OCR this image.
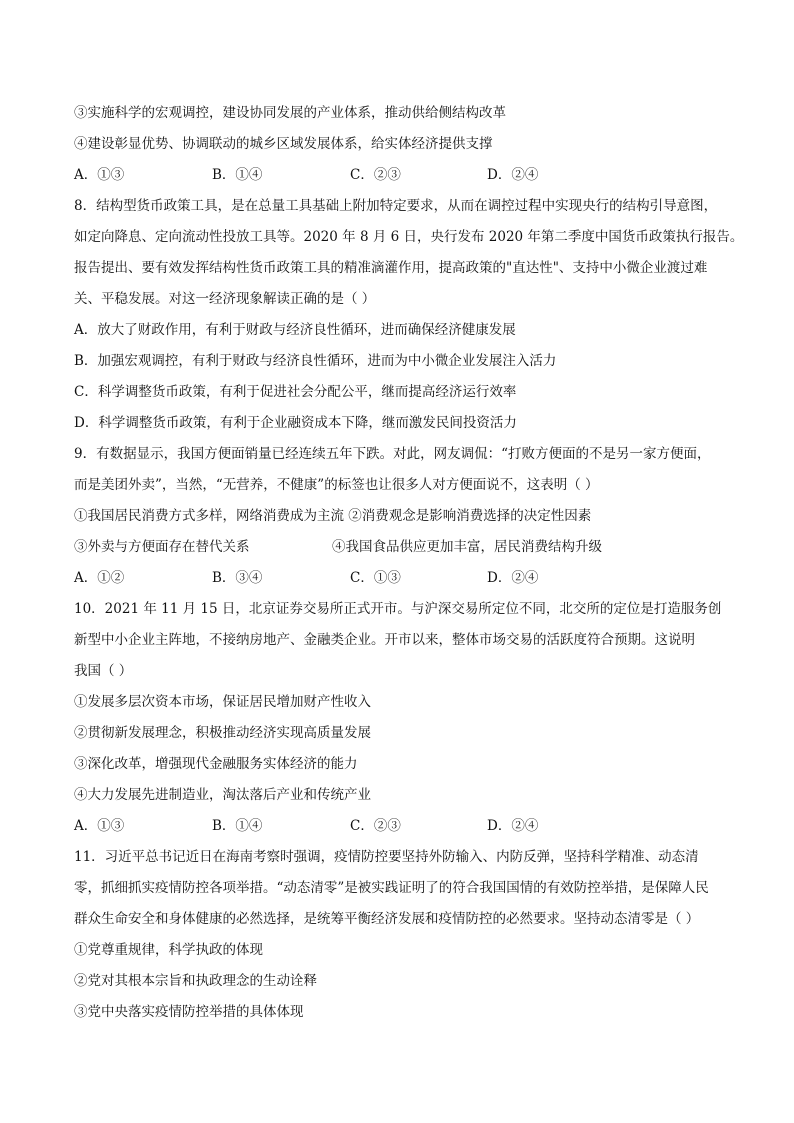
③实施科学的宏观调控，建设协同发展的产业体系，推动供给侧结构改革
④建设彰显优势、协调联动的城乡区域发展体系，给实体经济提供支撑
A．①③	B．①④	C．②③	D．②④
8．结构型货币政策工具，是在总量工具基础上附加特定要求，从而在调控过程中实现央行的结构引导意图，
如定向降息、定向流动性投放工具等。2020 年 8 月 6 日，央行发布 2020 年第二季度中国货币政策执行报告。
报告提出、要有效发挥结构性货币政策工具的精准滴灌作用，提高政策的"直达性"、支持中小微企业渡过难
关、平稳发展。对这一经济现象解读正确的是（ ）
A．放大了财政作用，有利于财政与经济良性循环，进而确保经济健康发展
B．加强宏观调控，有利于财政与经济良性循环，进而为中小微企业发展注入活力
C．科学调整货币政策，有利于促进社会分配公平，继而提高经济运行效率
D．科学调整货币政策，有利于企业融资成本下降，继而激发民间投资活力
9．有数据显示，我国方便面销量已经连续五年下跌。对此，网友调侃：“打败方便面的不是另一家方便面，
而是美团外卖”，当然，“无营养，不健康”的标签也让很多人对方便面说不，这表明（ ）
①我国居民消费方式多样，网络消费成为主流 ②消费观念是影响消费选择的决定性因素
③外卖与方便面存在替代关系	④我国食品供应更加丰富，居民消费结构升级
A．①②	B．③④	C．①③	D．②④
10．2021 年 11 月 15 日，北京证券交易所正式开市。与沪深交易所定位不同，北交所的定位是打造服务创
新型中小企业主阵地，不接纳房地产、金融类企业。开市以来，整体市场交易的活跃度符合预期。这说明
我国（ ）
①发展多层次资本市场，保证居民增加财产性收入
②贯彻新发展理念，积极推动经济实现高质量发展
③深化改革，增强现代金融服务实体经济的能力
④大力发展先进制造业，淘汰落后产业和传统产业
A．①③	B．①④	C．②③	D．②④
11．习近平总书记近日在海南考察时强调，疫情防控要坚持外防输入、内防反弹，坚持科学精准、动态清
零，抓细抓实疫情防控各项举措。“动态清零”是被实践证明了的符合我国国情的有效防控举措，是保障人民
群众生命安全和身体健康的必然选择，是统筹平衡经济发展和疫情防控的必然要求。坚持动态清零是（ ）
①党尊重规律，科学执政的体现
②党对其根本宗旨和执政理念的生动诠释
③党中央落实疫情防控举措的具体体现
